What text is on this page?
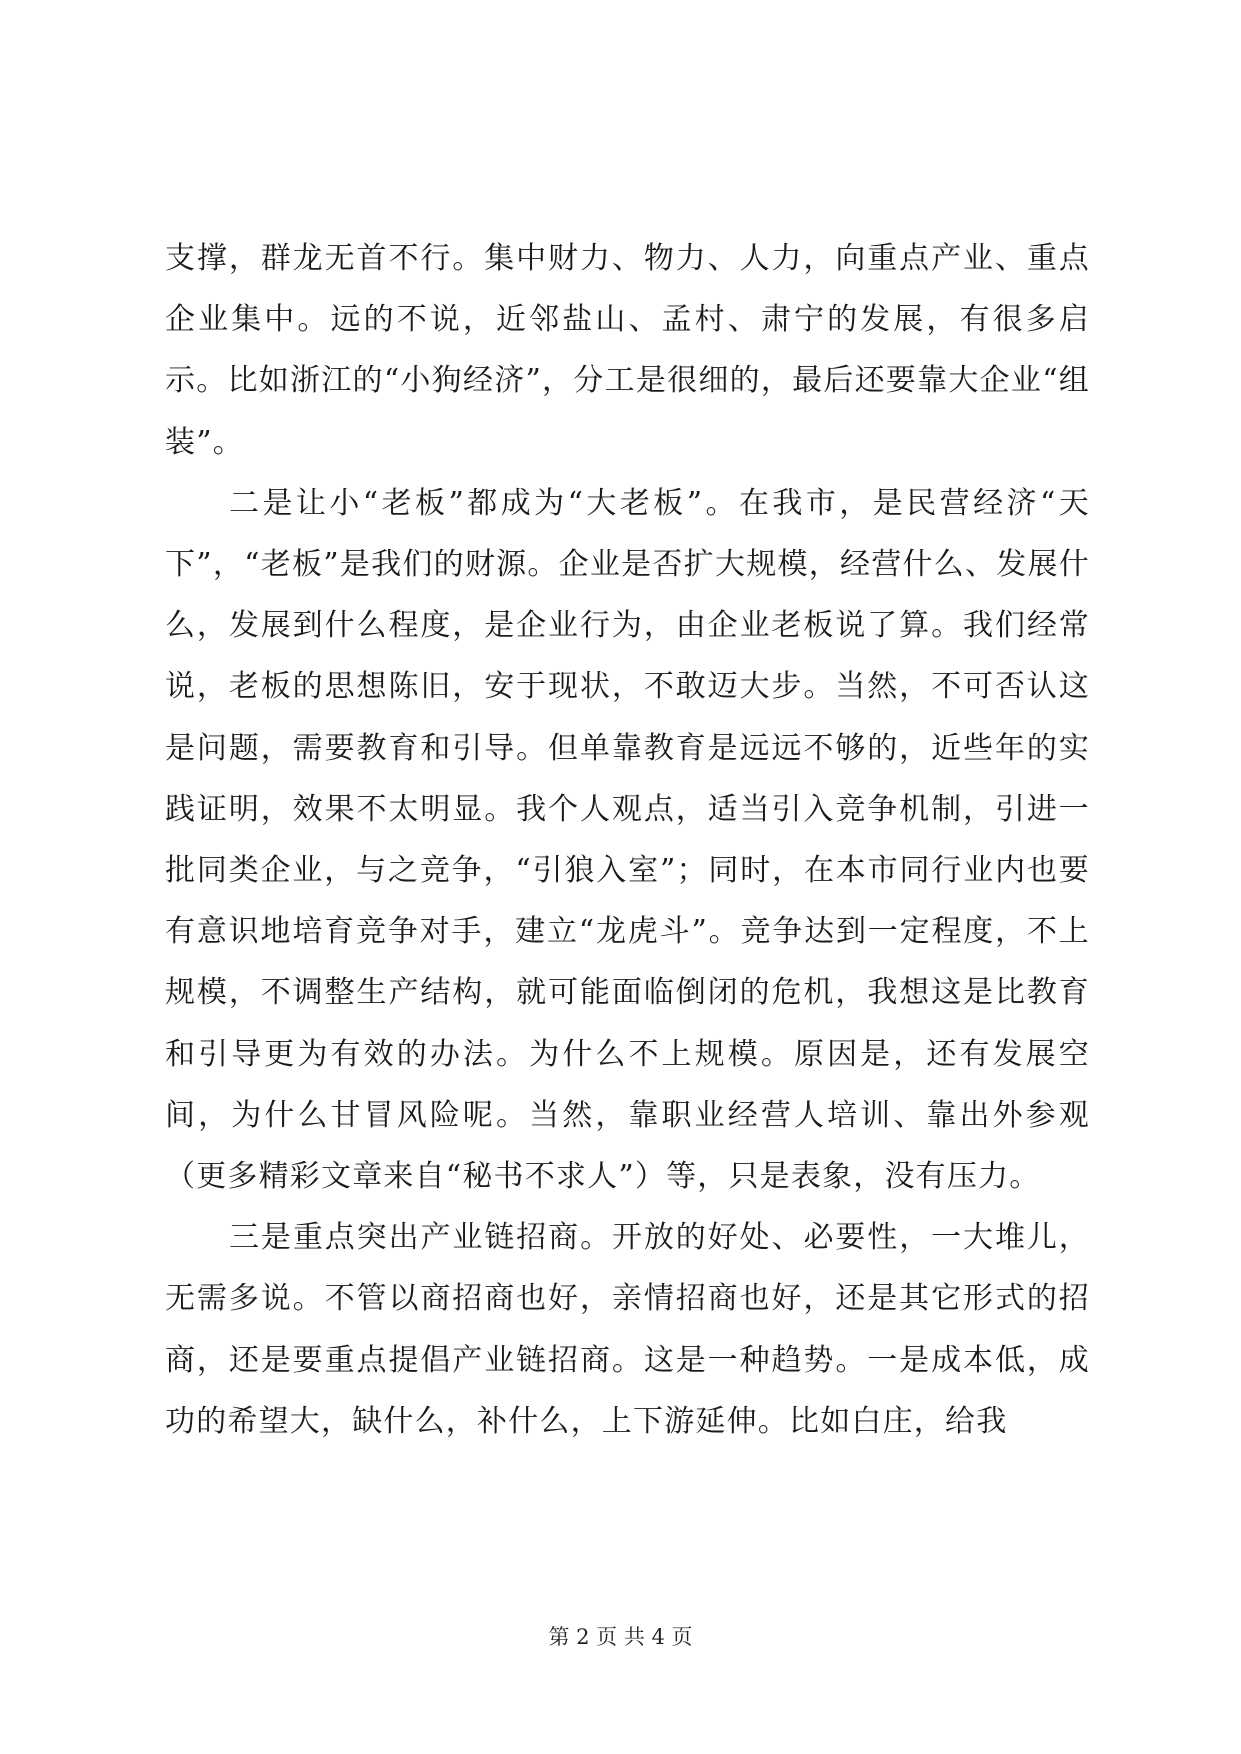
支撑，群龙无首不行。集中财力、物力、人力，向重点产业、重点企业集中。远的不说，近邻盐山、孟村、肃宁的发展，有很多启示。比如浙江的“小狗经济”，分工是很细的，最后还要靠大企业“组装”。

二是让小“老板”都成为“大老板”。在我市，是民营经济“天下”，“老板”是我们的财源。企业是否扩大规模，经营什么、发展什么，发展到什么程度，是企业行为，由企业老板说了算。我们经常说，老板的思想陈旧，安于现状，不敢迈大步。当然，不可否认这是问题，需要教育和引导。但单靠教育是远远不够的，近些年的实践证明，效果不太明显。我个人观点，适当引入竞争机制，引进一批同类企业，与之竞争，“引狼入室”；同时，在本市同行业内也要有意识地培育竞争对手，建立“龙虎斗”。竞争达到一定程度，不上规模，不调整生产结构，就可能面临倒闭的危机，我想这是比教育和引导更为有效的办法。为什么不上规模。原因是，还有发展空间，为什么甘冒风险呢。当然，靠职业经营人培训、靠出外参观（更多精彩文章来自“秘书不求人”）等，只是表象，没有压力。

三是重点突出产业链招商。开放的好处、必要性，一大堆儿，无需多说。不管以商招商也好，亲情招商也好，还是其它形式的招商，还是要重点提倡产业链招商。这是一种趋势。一是成本低，成功的希望大，缺什么，补什么，上下游延伸。比如白庄，给我

第 2 页 共 4 页
